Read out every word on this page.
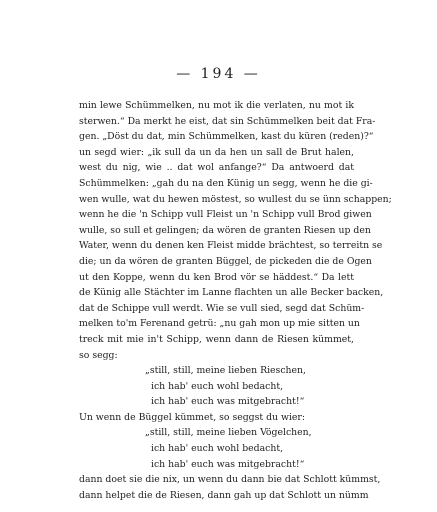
— 194 —
min lewe Schümmelken, nu mot ik die verlaten, nu mot ik
sterwen.“ Da merkt he eist, dat sin Schümmelken beit dat Fra-
gen. „Döst du dat, min Schümmelken, kast du küren (reden)?“
un segd wier: „ik sull da un da hen un sall de Brut halen,
west du nig, wie .. dat wol anfange?“ Da antwoerd dat
Schümmelken: „gah du na den Künig un segg, wenn he die gi-
wen wulle, wat du hewen möstest, so wullest du se ünn schappen;
wenn he die 'n Schipp vull Fleist un 'n Schipp vull Brod giwen
wulle, so sull et gelingen; da wören de granten Riesen up den
Water, wenn du denen ken Fleist midde brächtest, so terreitn se
die; un da wören de granten Büggel, de pickeden die de Ogen
ut den Koppe, wenn du ken Brod vör se häddest.“ Da lett
de Künig alle Stächter im Lanne flachten un alle Becker backen,
dat de Schippe vull werdt. Wie se vull sied, segd dat Schüm-
melken to'm Ferenand getrü: „nu gah mon up mie sitten un
treck mit mie in't Schipp, wenn dann de Riesen kümmet,
so segg:
„still, still, meine lieben Rieschen,
ich hab' euch wohl bedacht,
ich hab' euch was mitgebracht!“
Un wenn de Büggel kümmet, so seggst du wier:
„still, still, meine lieben Vögelchen,
ich hab' euch wohl bedacht,
ich hab' euch was mitgebracht!“
dann doet sie die nix, un wenn du dann bie dat Schlott kümmst,
dann helpet die de Riesen, dann gah up dat Schlott un nümm
